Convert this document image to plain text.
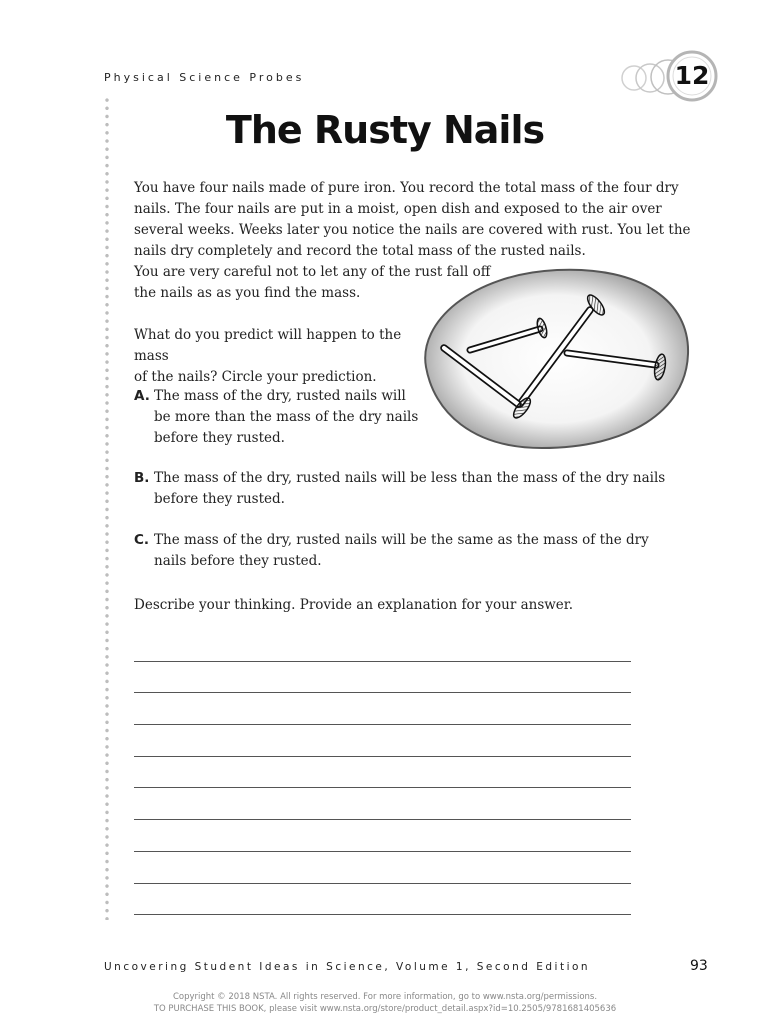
Physical Science Probes	12
The Rusty Nails
You have four nails made of pure iron. You record the total mass of the four dry
nails. The four nails are put in a moist, open dish and exposed to the air over
several weeks. Weeks later you notice the nails are covered with rust. You let the
nails dry completely and record the total mass of the rusted nails.
You are very careful not to let any of the rust fall off
the nails as as you find the mass.
What do you predict will happen to the mass
of the nails? Circle your prediction.
A. The mass of the dry, rusted nails will
be more than the mass of the dry nails
before they rusted.
B. The mass of the dry, rusted nails will be less than the mass of the dry nails
before they rusted.
C. The mass of the dry, rusted nails will be the same as the mass of the dry
nails before they rusted.
Describe your thinking. Provide an explanation for your answer.
Uncovering Student Ideas in Science, Volume 1, Second Edition	93
Copyright © 2018 NSTA. All rights reserved. For more information, go to www.nsta.org/permissions.
TO PURCHASE THIS BOOK, please visit www.nsta.org/store/product_detail.aspx?id=10.2505/9781681405636
